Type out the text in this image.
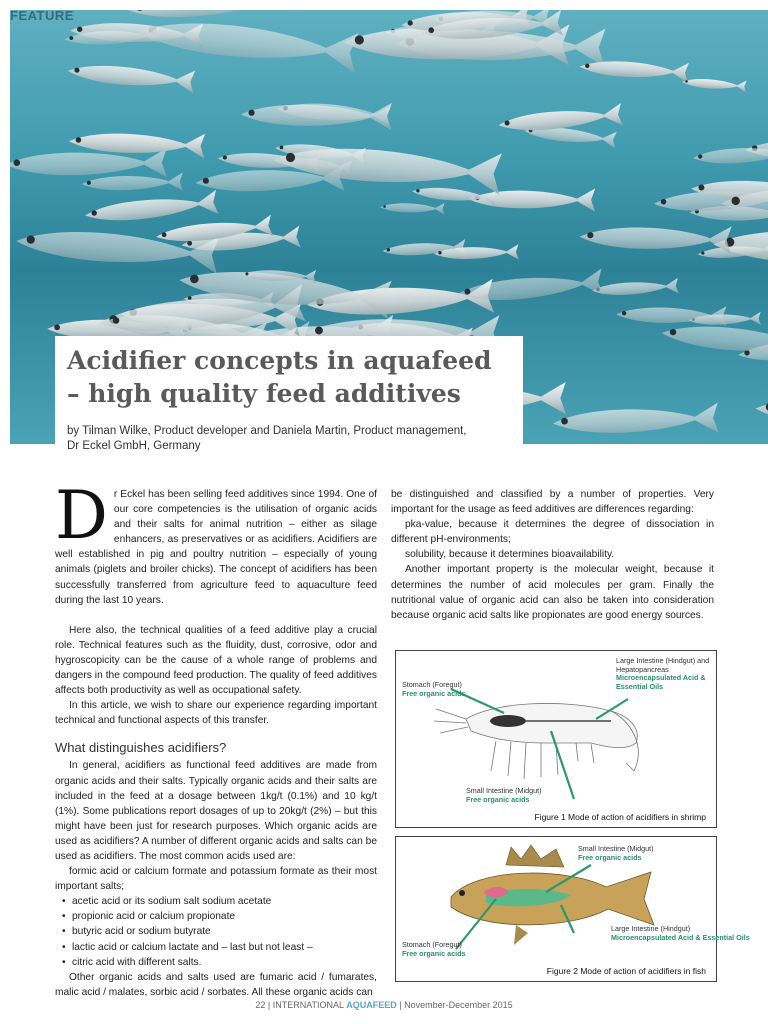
FEATURE
Acidifier concepts in aquafeed
– high quality feed additives
by Tilman Wilke, Product developer and Daniela Martin, Product management,
Dr Eckel GmbH, Germany
D r Eckel has been selling feed additives since 1994. One of our core competencies is the utilisation of organic acids and their salts for animal nutrition – either as silage enhancers, as preservatives or as acidifiers. Acidifiers are well established in pig and poultry nutrition – especially of young animals (piglets and broiler chicks). The concept of acidifiers has been successfully transferred from agriculture feed to aquaculture feed during the last 10 years.

Here also, the technical qualities of a feed additive play a crucial role. Technical features such as the fluidity, dust, corrosive, odor and hygroscopicity can be the cause of a whole range of problems and dangers in the compound feed production. The quality of feed additives affects both productivity as well as occupational safety.

In this article, we wish to share our experience regarding important technical and functional aspects of this transfer.

What distinguishes acidifiers?

In general, acidifiers as functional feed additives are made from organic acids and their salts. Typically organic acids and their salts are included in the feed at a dosage between 1kg/t (0.1%) and 10 kg/t (1%). Some publications report dosages of up to 20kg/t (2%) – but this might have been just for research purposes. Which organic acids are used as acidifiers? A number of different organic acids and salts can be used as acidifiers. The most common acids used are:

formic acid or calcium formate and potassium formate as their most important salts;

• acetic acid or its sodium salt sodium acetate
• propionic acid or calcium propionate
• butyric acid or sodium butyrate
• lactic acid or calcium lactate and – last but not least –
• citric acid with different salts.

Other organic acids and salts used are fumaric acid / fumarates, malic acid / malates, sorbic acid / sorbates. All these organic acids can

be distinguished and classified by a number of properties. Very important for the usage as feed additives are differences regarding:

pka-value, because it determines the degree of dissociation in different pH-environments;

solubility, because it determines bioavailability.

Another important property is the molecular weight, because it determines the number of acid molecules per gram. Finally the nutritional value of organic acid can also be taken into consideration because organic acid salts like propionates are good energy sources.

Stomach (Foregut)
Free organic acids
Large Intestine (Hindgut) and Hepatopancreas
Microencapsulated Acid & Essential Oils
Small Intestine (Midgut)
Free organic acids
Figure 1 Mode of action of acidifiers in shrimp
Small Intestine (Midgut)
Free organic acids
Large Intestine (Hindgut)
Microencapsulated Acid & Essential Oils
Stomach (Foregut)
Free organic acids
Figure 2 Mode of action of acidifiers in fish
22 | INTERNATIONAL AQUAFEED | November-December 2015
